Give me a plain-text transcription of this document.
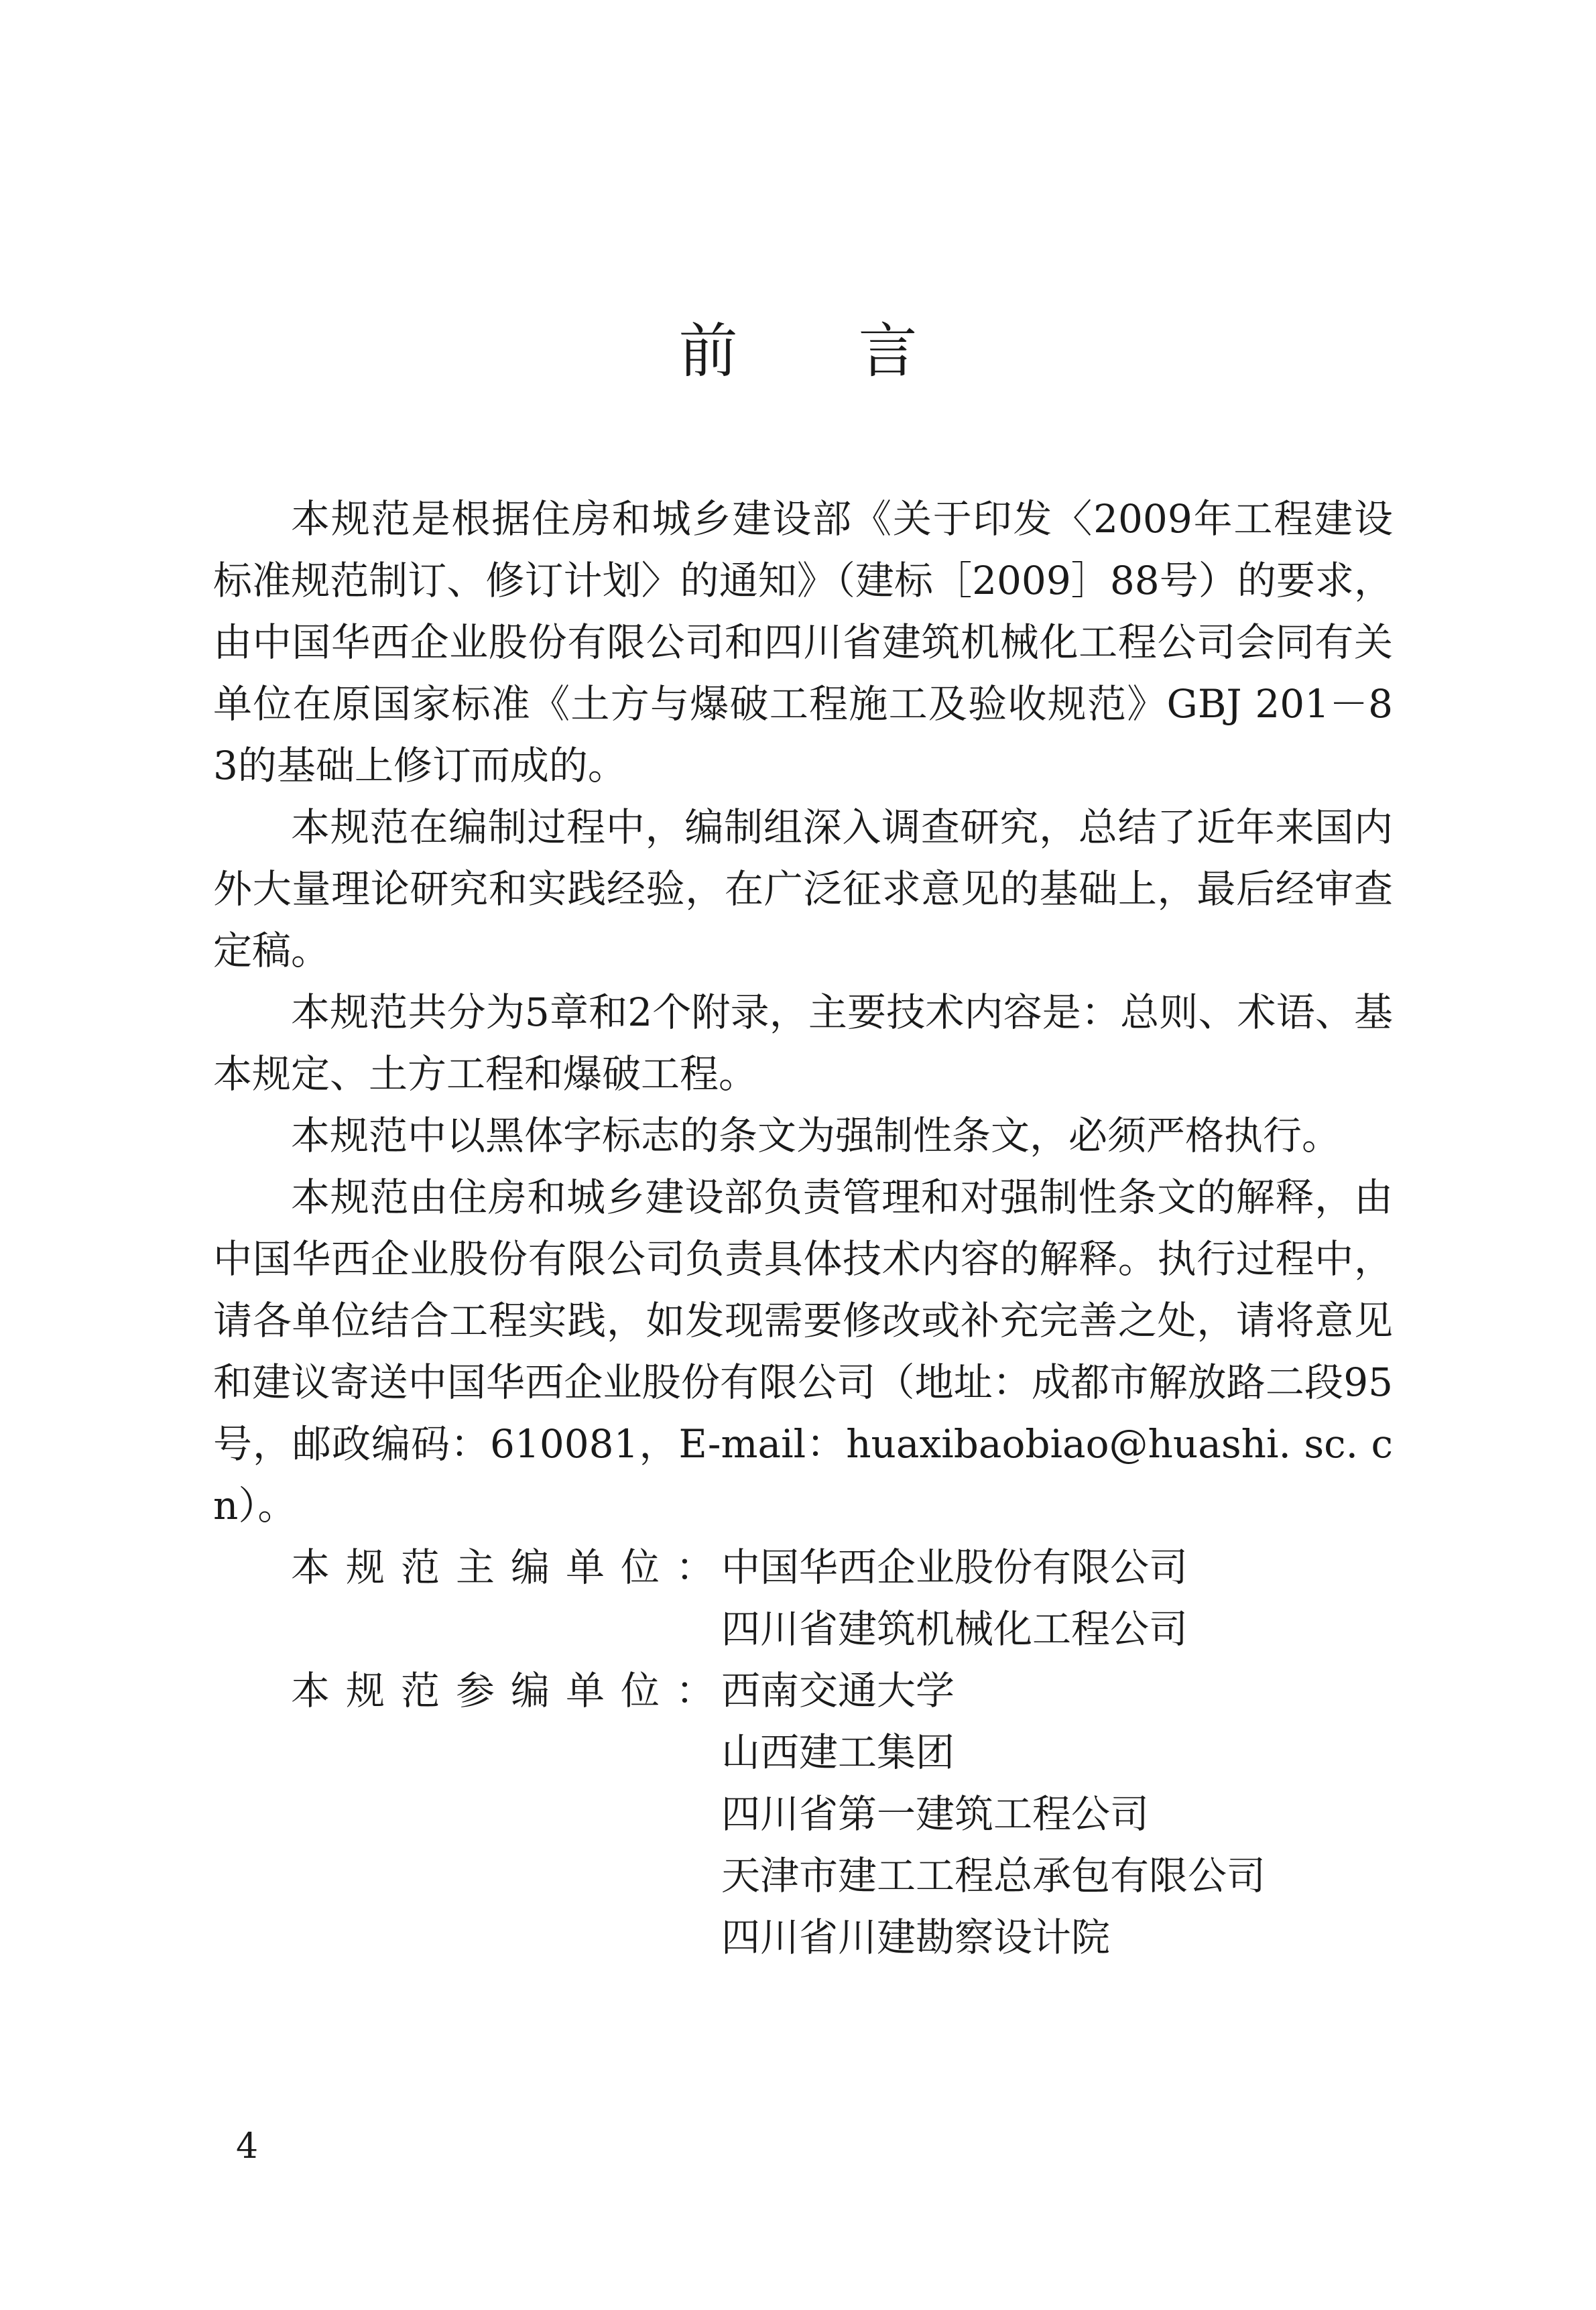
前言

本规范是根据住房和城乡建设部《关于印发〈2009年工程建设标准规范制订、修订计划〉的通知》（建标［2009］88号）的要求，由中国华西企业股份有限公司和四川省建筑机械化工程公司会同有关单位在原国家标准《土方与爆破工程施工及验收规范》GBJ 201－83的基础上修订而成的。

本规范在编制过程中，编制组深入调查研究，总结了近年来国内外大量理论研究和实践经验，在广泛征求意见的基础上，最后经审查定稿。

本规范共分为5章和2个附录，主要技术内容是：总则、术语、基本规定、土方工程和爆破工程。

本规范中以黑体字标志的条文为强制性条文，必须严格执行。

本规范由住房和城乡建设部负责管理和对强制性条文的解释，由中国华西企业股份有限公司负责具体技术内容的解释。执行过程中，请各单位结合工程实践，如发现需要修改或补充完善之处，请将意见和建议寄送中国华西企业股份有限公司（地址：成都市解放路二段95号，邮政编码：610081，E-mail：huaxibaobiao@huashi. sc. cn）。

本规范主编单位：
中国华西企业股份有限公司
四川省建筑机械化工程公司
本规范参编单位：
西南交通大学
山西建工集团
四川省第一建筑工程公司
天津市建工工程总承包有限公司
四川省川建勘察设计院
4
